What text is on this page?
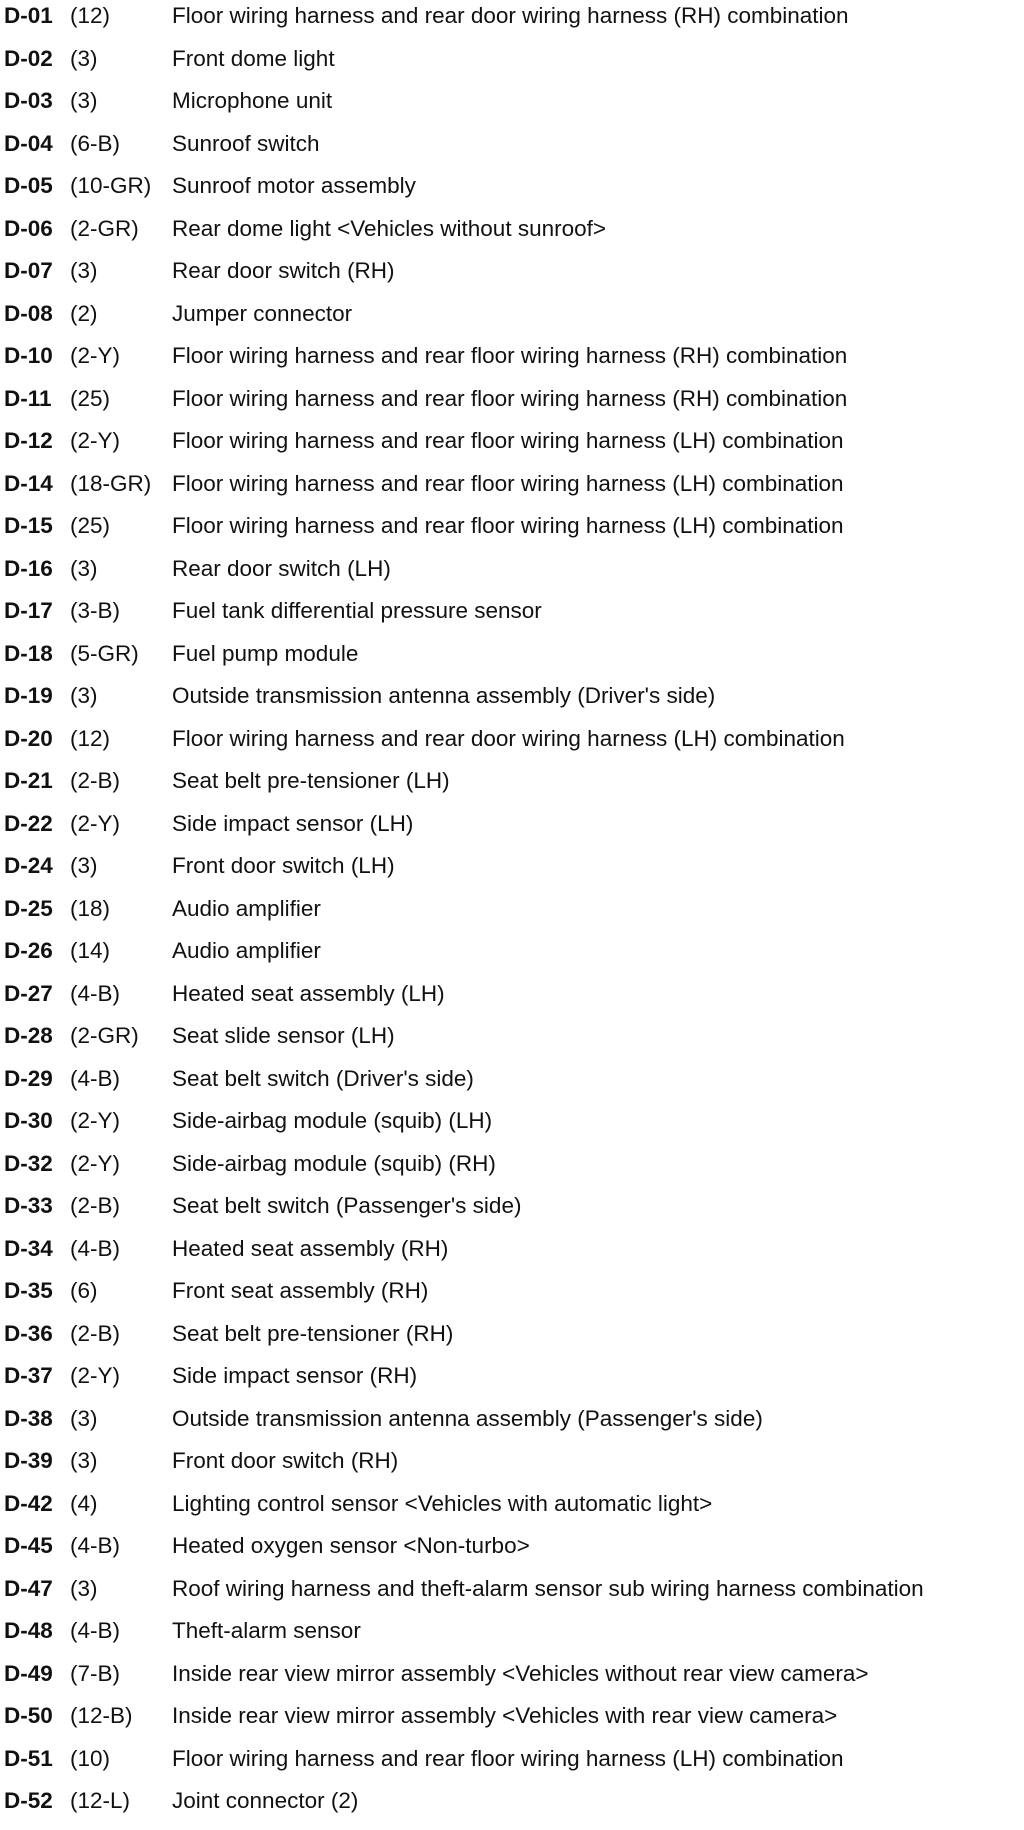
D-01 (12)	Floor wiring harness and rear door wiring harness (RH) combination
D-02 (3)	Front dome light
D-03 (3)	Microphone unit
D-04 (6-B) Sunroof switch
D-05 (10-GR) Sunroof motor assembly
D-06 (2-GR) Rear dome light <Vehicles without sunroof>
D-07 (3)	Rear door switch (RH)
D-08 (2)	Jumper connector
D-10 (2-Y) Floor wiring harness and rear floor wiring harness (RH) combination
D-11 (25)	Floor wiring harness and rear floor wiring harness (RH) combination
D-12 (2-Y) Floor wiring harness and rear floor wiring harness (LH) combination
D-14 (18-GR) Floor wiring harness and rear floor wiring harness (LH) combination
D-15 (25)	Floor wiring harness and rear floor wiring harness (LH) combination
D-16 (3)	Rear door switch (LH)
D-17 (3-B) Fuel tank differential pressure sensor
D-18 (5-GR) Fuel pump module
D-19 (3)	Outside transmission antenna assembly (Driver's side)
D-20 (12)	Floor wiring harness and rear door wiring harness (LH) combination
D-21 (2-B) Seat belt pre-tensioner (LH)
D-22 (2-Y) Side impact sensor (LH)
D-24 (3)	Front door switch (LH)
D-25 (18)	Audio amplifier
D-26 (14)	Audio amplifier
D-27 (4-B) Heated seat assembly (LH)
D-28 (2-GR) Seat slide sensor (LH)
D-29 (4-B) Seat belt switch (Driver's side)
D-30 (2-Y) Side-airbag module (squib) (LH)
D-32 (2-Y) Side-airbag module (squib) (RH)
D-33 (2-B) Seat belt switch (Passenger's side)
D-34 (4-B) Heated seat assembly (RH)
D-35 (6)	Front seat assembly (RH)
D-36 (2-B) Seat belt pre-tensioner (RH)
D-37 (2-Y) Side impact sensor (RH)
D-38 (3)	Outside transmission antenna assembly (Passenger's side)
D-39 (3)	Front door switch (RH)
D-42 (4)	Lighting control sensor <Vehicles with automatic light>
D-45 (4-B) Heated oxygen sensor <Non-turbo>
D-47 (3)	Roof wiring harness and theft-alarm sensor sub wiring harness combination
D-48 (4-B) Theft-alarm sensor
D-49 (7-B) Inside rear view mirror assembly <Vehicles without rear view camera>
D-50 (12-B) Inside rear view mirror assembly <Vehicles with rear view camera>
D-51 (10)	Floor wiring harness and rear floor wiring harness (LH) combination
D-52 (12-L) Joint connector (2)
